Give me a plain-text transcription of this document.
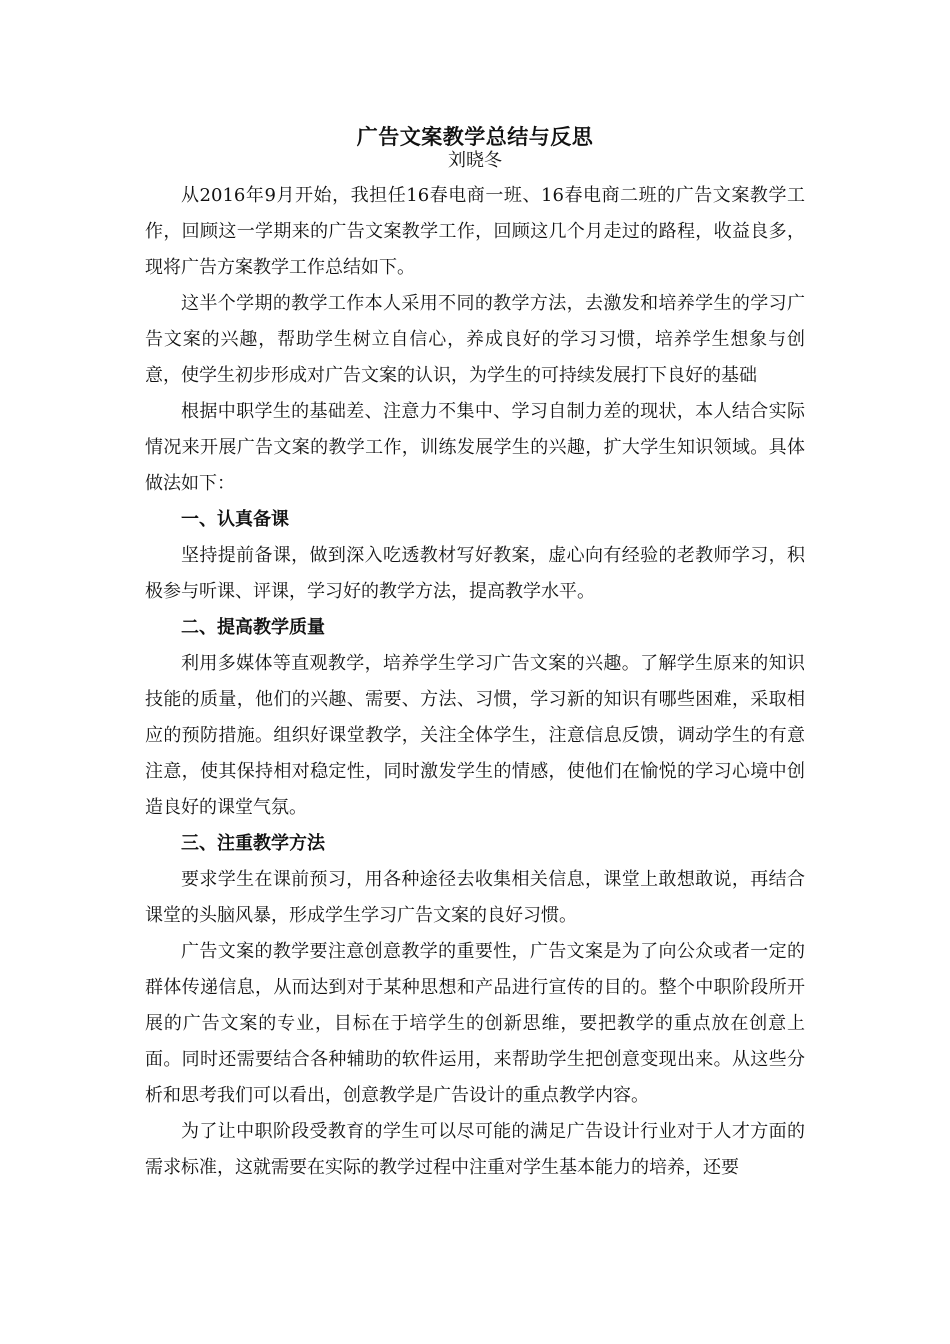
广告文案教学总结与反思
刘晓冬

从2016年9月开始，我担任16春电商一班、16春电商二班的广告文案教学工作，回顾这一学期来的广告文案教学工作，回顾这几个月走过的路程，收益良多，现将广告方案教学工作总结如下。

这半个学期的教学工作本人采用不同的教学方法，去激发和培养学生的学习广告文案的兴趣，帮助学生树立自信心，养成良好的学习习惯，培养学生想象与创意，使学生初步形成对广告文案的认识，为学生的可持续发展打下良好的基础

根据中职学生的基础差、注意力不集中、学习自制力差的现状，本人结合实际情况来开展广告文案的教学工作，训练发展学生的兴趣，扩大学生知识领域。具体做法如下：

一、认真备课

坚持提前备课，做到深入吃透教材写好教案，虚心向有经验的老教师学习，积极参与听课、评课，学习好的教学方法，提高教学水平。

二、提高教学质量

利用多媒体等直观教学，培养学生学习广告文案的兴趣。了解学生原来的知识技能的质量，他们的兴趣、需要、方法、习惯，学习新的知识有哪些困难，采取相应的预防措施。组织好课堂教学，关注全体学生，注意信息反馈，调动学生的有意注意，使其保持相对稳定性，同时激发学生的情感，使他们在愉悦的学习心境中创造良好的课堂气氛。

三、注重教学方法

要求学生在课前预习，用各种途径去收集相关信息，课堂上敢想敢说，再结合课堂的头脑风暴，形成学生学习广告文案的良好习惯。

广告文案的教学要注意创意教学的重要性，广告文案是为了向公众或者一定的群体传递信息，从而达到对于某种思想和产品进行宣传的目的。整个中职阶段所开展的广告文案的专业，目标在于培学生的创新思维，要把教学的重点放在创意上面。同时还需要结合各种辅助的软件运用，来帮助学生把创意变现出来。从这些分析和思考我们可以看出，创意教学是广告设计的重点教学内容。

为了让中职阶段受教育的学生可以尽可能的满足广告设计行业对于人才方面的需求标准，这就需要在实际的教学过程中注重对学生基本能力的培养，还要
